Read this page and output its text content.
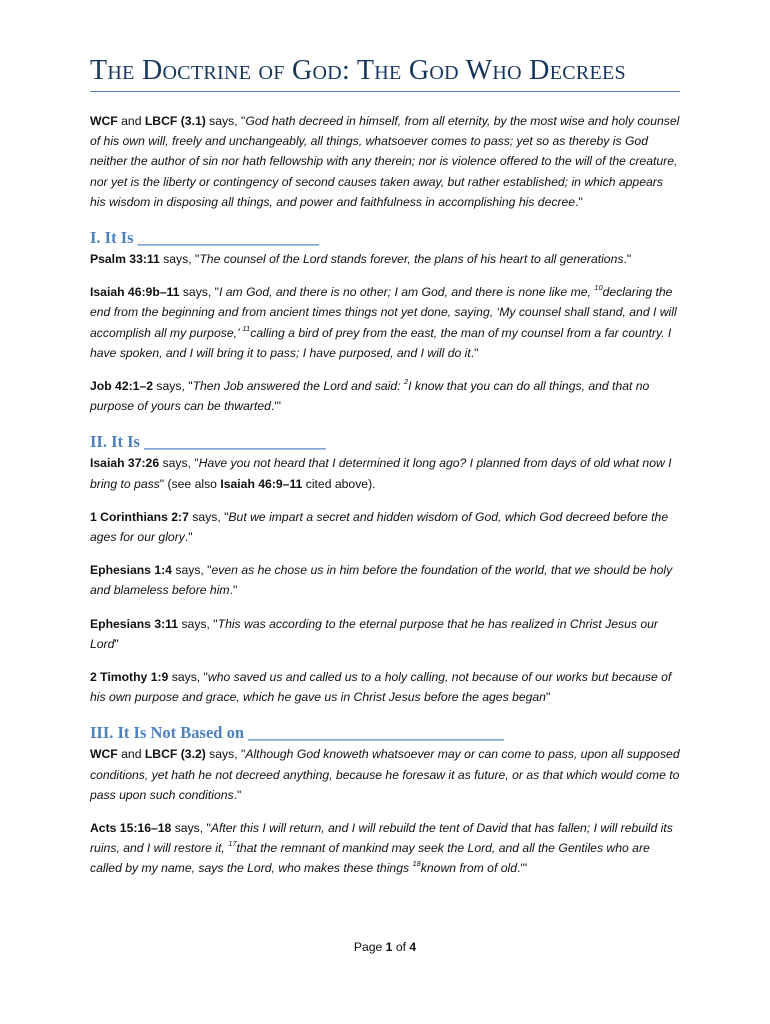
The Doctrine of God: The God Who Decrees

WCF and LBCF (3.1) says, "God hath decreed in himself, from all eternity, by the most wise and holy counsel of his own will, freely and unchangeably, all things, whatsoever comes to pass; yet so as thereby is God neither the author of sin nor hath fellowship with any therein; nor is violence offered to the will of the creature, nor yet is the liberty or contingency of second causes taken away, but rather established; in which appears his wisdom in disposing all things, and power and faithfulness in accomplishing his decree."

I. It Is ______________________

Psalm 33:11 says, "The counsel of the Lord stands forever, the plans of his heart to all generations."

Isaiah 46:9b–11 says, "I am God, and there is no other; I am God, and there is none like me, $^{10}$declaring the end from the beginning and from ancient times things not yet done, saying, ‘My counsel shall stand, and I will accomplish all my purpose,’ $^{11}$calling a bird of prey from the east, the man of my counsel from a far country. I have spoken, and I will bring it to pass; I have purposed, and I will do it."

Job 42:1–2 says, "Then Job answered the Lord and said: $^2$I know that you can do all things, and that no purpose of yours can be thwarted.'"

II. It Is ______________________

Isaiah 37:26 says, "Have you not heard that I determined it long ago? I planned from days of old what now I bring to pass" (see also Isaiah 46:9–11 cited above).

1 Corinthians 2:7 says, "But we impart a secret and hidden wisdom of God, which God decreed before the ages for our glory."

Ephesians 1:4 says, "even as he chose us in him before the foundation of the world, that we should be holy and blameless before him."

Ephesians 3:11 says, "This was according to the eternal purpose that he has realized in Christ Jesus our Lord"

2 Timothy 1:9 says, "who saved us and called us to a holy calling, not because of our works but because of his own purpose and grace, which he gave us in Christ Jesus before the ages began"

III. It Is Not Based on _______________________________

WCF and LBCF (3.2) says, "Although God knoweth whatsoever may or can come to pass, upon all supposed conditions, yet hath he not decreed anything, because he foresaw it as future, or as that which would come to pass upon such conditions."

Acts 15:16–18 says, "After this I will return, and I will rebuild the tent of David that has fallen; I will rebuild its ruins, and I will restore it, $^{17}$that the remnant of mankind may seek the Lord, and all the Gentiles who are called by my name, says the Lord, who makes these things $^{18}$known from of old.'"

Page 1 of 4
